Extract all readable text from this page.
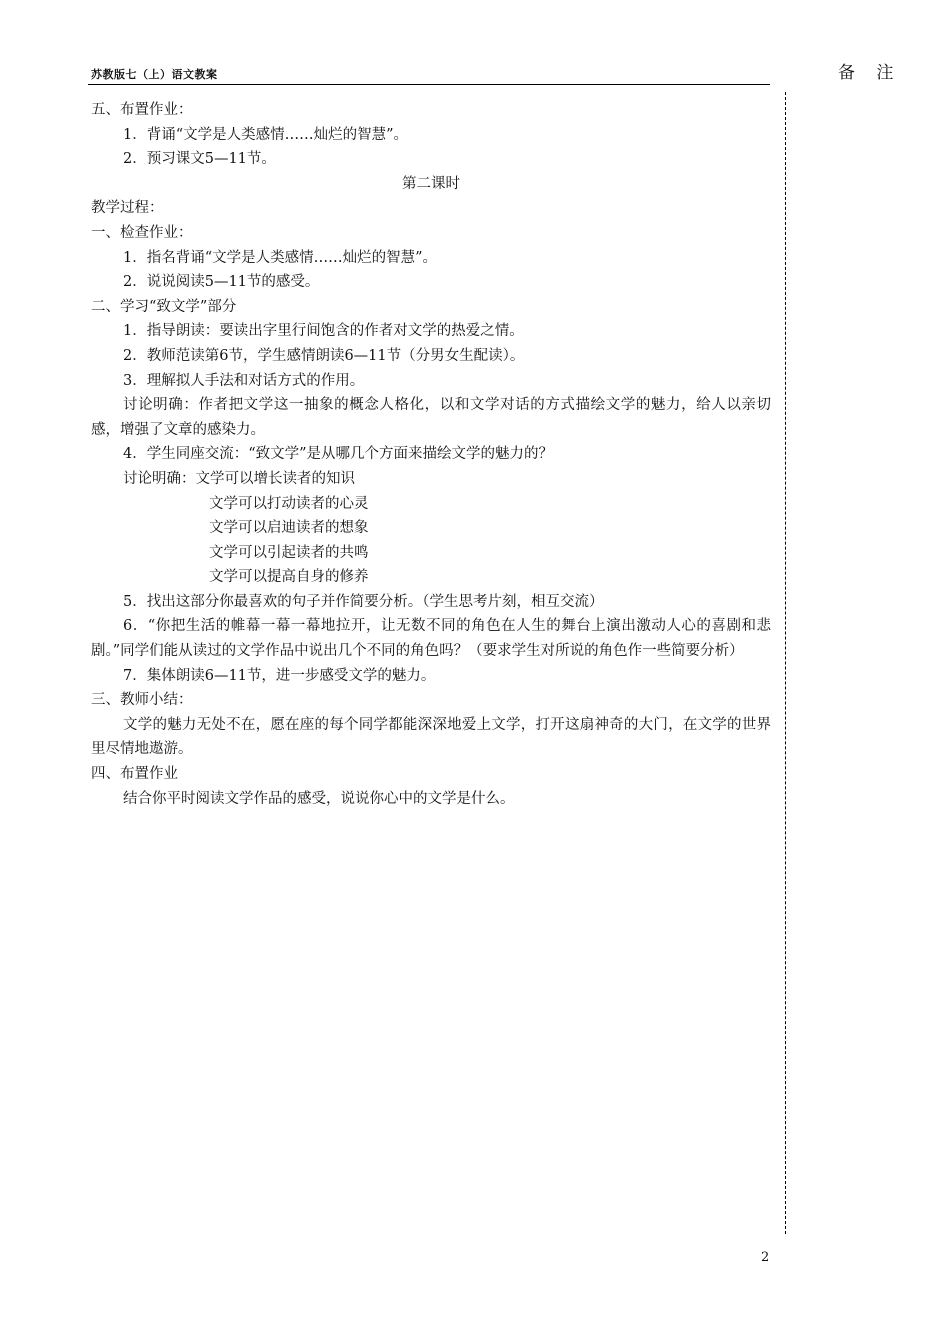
苏教版七（上）语文教案	备 注
五、布置作业：
1．背诵“文学是人类感情……灿烂的智慧”。
2．预习课文5—11节。
第二课时
教学过程：
一、检查作业：
1．指名背诵“文学是人类感情……灿烂的智慧”。
2．说说阅读5—11节的感受。
二、学习“致文学”部分
1．指导朗读：要读出字里行间饱含的作者对文学的热爱之情。
2．教师范读第6节，学生感情朗读6—11节（分男女生配读）。
3．理解拟人手法和对话方式的作用。
讨论明确：作者把文学这一抽象的概念人格化，以和文学对话的方式描绘文学的魅力，给人以亲切感，增强了文章的感染力。
4．学生同座交流：“致文学”是从哪几个方面来描绘文学的魅力的？
讨论明确：文学可以增长读者的知识
文学可以打动读者的心灵
文学可以启迪读者的想象
文学可以引起读者的共鸣
文学可以提高自身的修养
5．找出这部分你最喜欢的句子并作简要分析。（学生思考片刻，相互交流）
6．“你把生活的帷幕一幕一幕地拉开，让无数不同的角色在人生的舞台上演出激动人心的喜剧和悲剧。”同学们能从读过的文学作品中说出几个不同的角色吗？（要求学生对所说的角色作一些简要分析）
7．集体朗读6—11节，进一步感受文学的魅力。
三、教师小结：
文学的魅力无处不在，愿在座的每个同学都能深深地爱上文学，打开这扇神奇的大门，在文学的世界里尽情地遨游。
四、布置作业
结合你平时阅读文学作品的感受，说说你心中的文学是什么。
2
